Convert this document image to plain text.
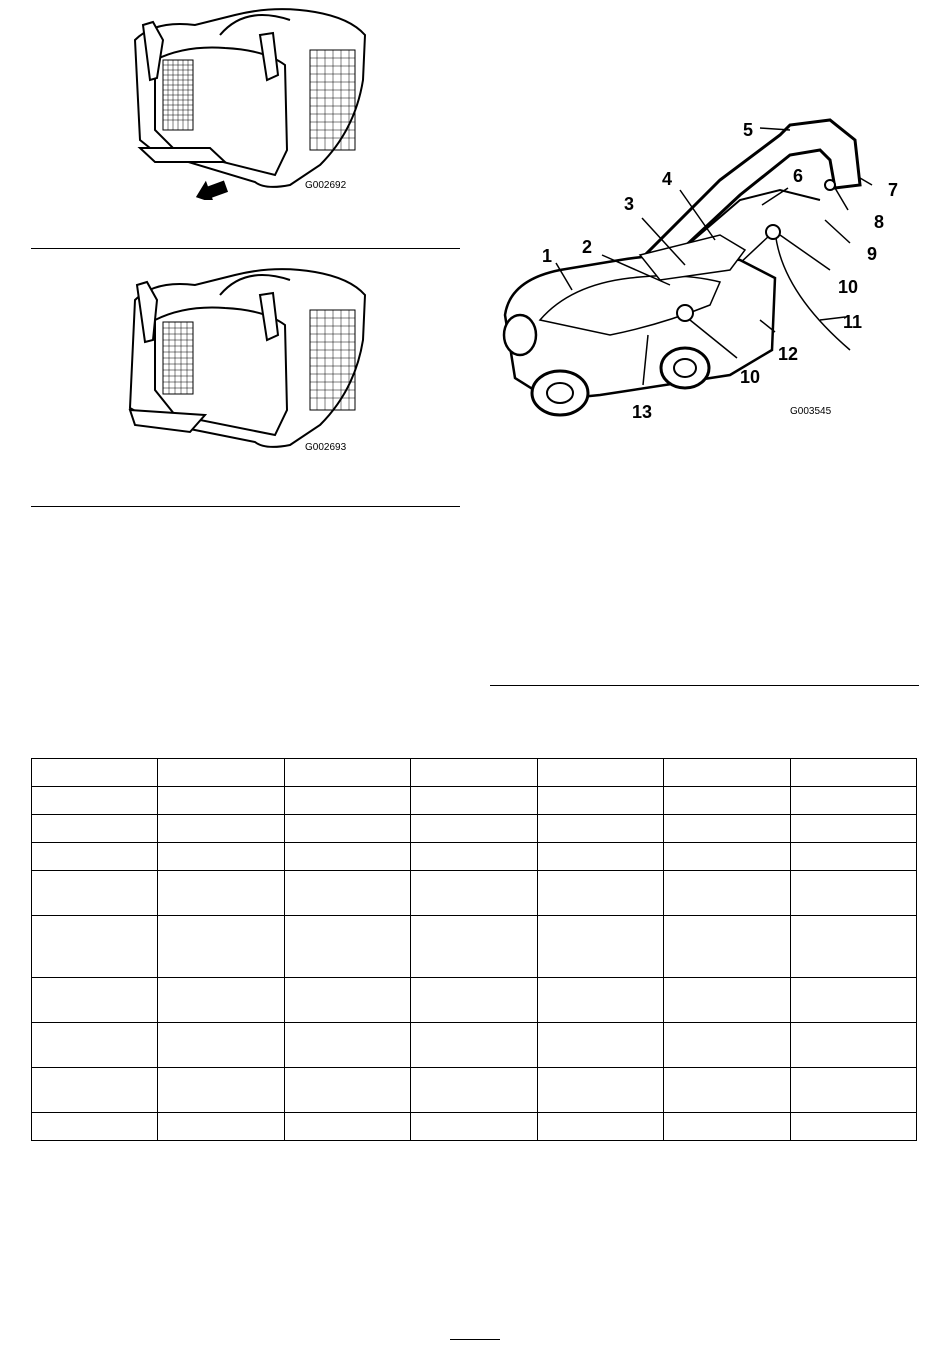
G002692
G002693
1 2
3
4
5
6
7
8
9
10
11
12
10
13	G003545
